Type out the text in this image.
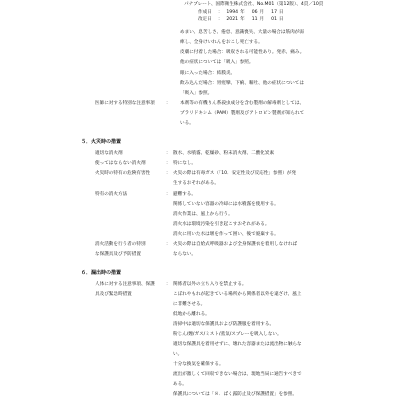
パナプレート、国際衛生株式会社、No.M01（第12版）、4頁／10頁
作成日 ： 1994 年 06 月 17 日
改定日 ： 2021 年 11 月 01 日
めまい、息苦しさ、倦怠、意識喪失、大量の場合は筋肉が弱
痺し、全身けいれんをおこし死亡する。
皮膚に付着した場合：吸収される可能性あり。発赤、痛み。
他の症状については「吸入」参照。
眼に入った場合：結膜炎。
飲み込んだ場合：胃痙攣、下痢、嘔吐、他の症状については
「吸入」参照。
医師に対する特別な注意事項 ： 本剤等の有機りん系殺虫成分を含む製剤の解毒剤としては、
プラリドキシム（PAM）製剤及びアトロピン製剤が知られて
いる。
５．火災時の措置
適切な消火剤	： 散水、水噴霧、乾燥砂、粉末消火剤、二酸化炭素
使ってはならない消火剤	： 特になし。
火災時の特有の危険有害性	： 火災の際は有毒ガス（「10．安定性及び反応性」参照）が発
生するおそれがある。
特有の消火方法	： 避難する。
関係していない容器の冷却には水噴霧を使用する。
消火作業は、風上から行う。
消火水は環境汚染を引き起こすおそれがある。
消火に用いた水は堰を作って囲い、後で廃棄する。
消火活動を行う者の特別
な保護具及び予防措置
： 火災の際は自給式呼吸器および全身保護衣を着用しなければ
ならない。
６．漏出時の措置
人体に対する注意事項、保護
具及び緊急時措置
： 関係者以外の立ち入りを禁止する。
こぼれやもれが起きている場所から関係者以外を遠ざけ、風上
に非難させる。
低地から離れる。
清掃中は適切な保護具および防護服を着用する。
粉じん/煙/ガス/ミスト/蒸気/スプレーを吸入しない。
適切な保護具を着用せずに、壊れた容器または流出物に触らな
い。
十分な換気を確保する。
流出が激しくて回収できない場合は、現地当局に通告すべきで
ある。
保護具については「８．ばく露防止及び保護措置」を参照。
